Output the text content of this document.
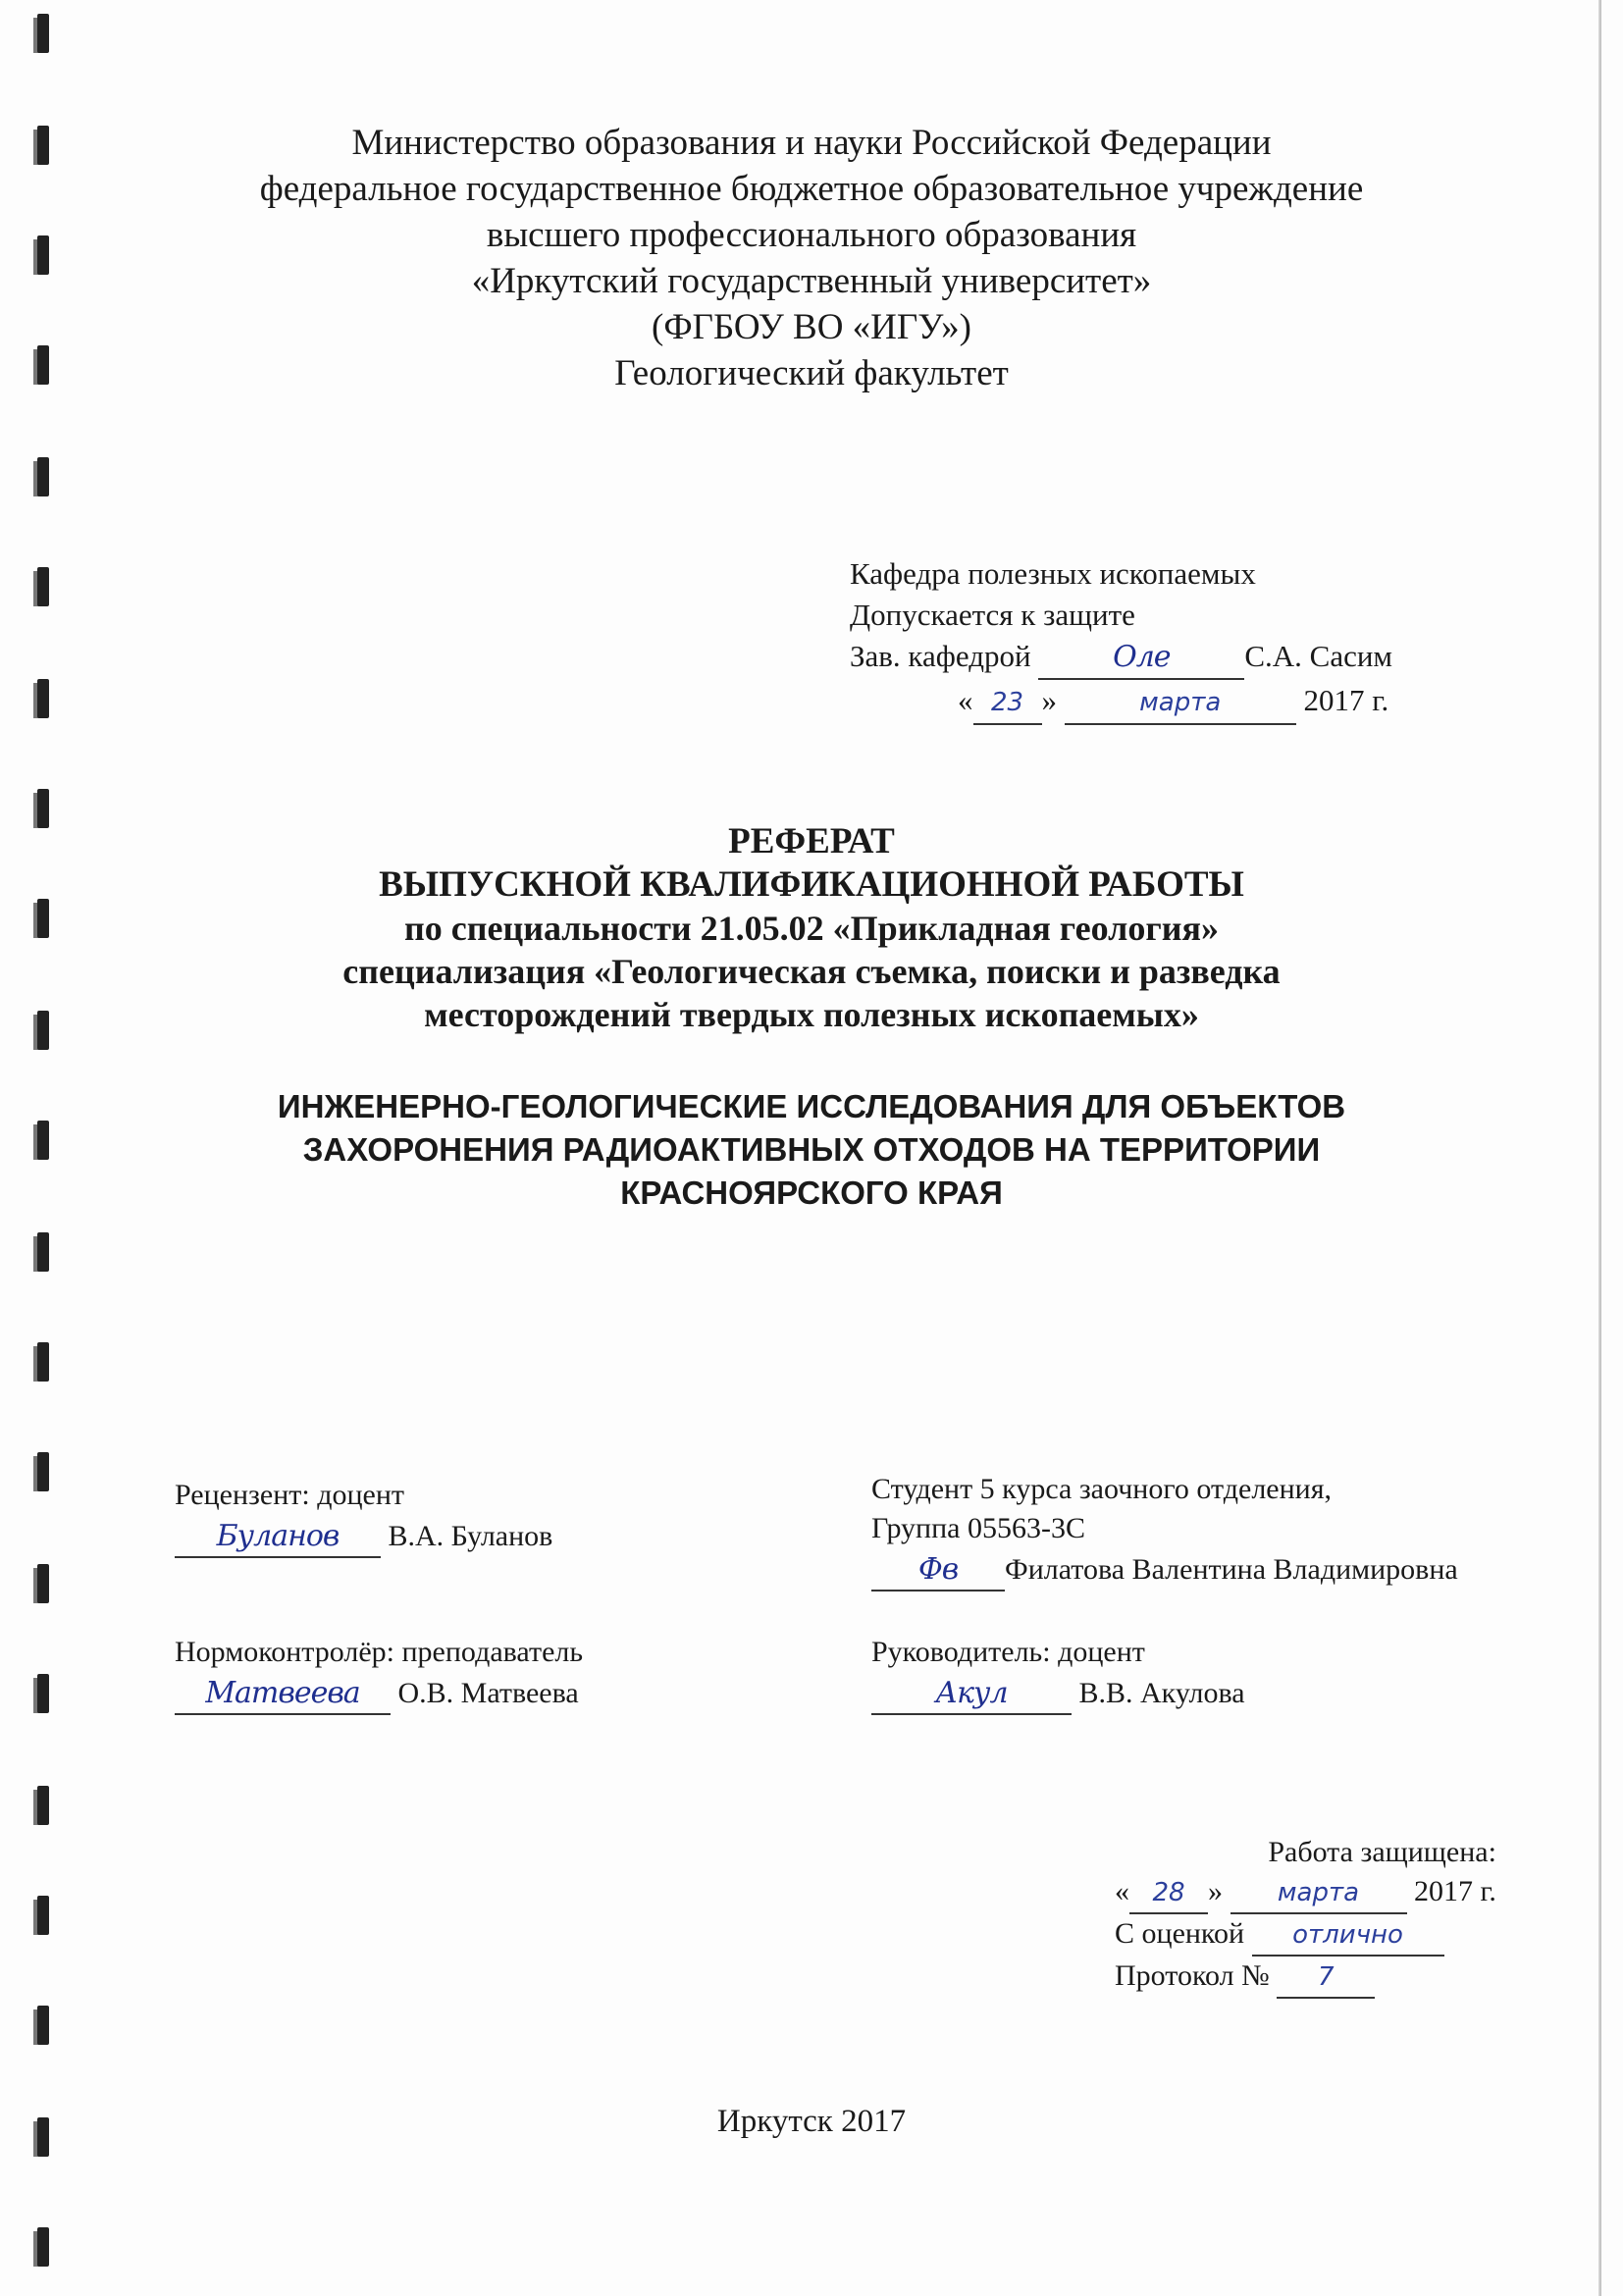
Министерство образования и науки Российской Федерации
федеральное государственное бюджетное образовательное учреждение
высшего профессионального образования
«Иркутский государственный университет»
(ФГБОУ ВО «ИГУ»)
Геологический факультет
Кафедра полезных ископаемых
Допускается к защите
Зав. кафедрой	Оле С.А. Сасим
« 23 »	марта	2017 г.
РЕФЕРАТ
ВЫПУСКНОЙ КВАЛИФИКАЦИОННОЙ РАБОТЫ
по специальности 21.05.02 «Прикладная геология»
специализация «Геологическая съемка, поиски и разведка
месторождений твердых полезных ископаемых»
ИНЖЕНЕРНО-ГЕОЛОГИЧЕСКИЕ ИССЛЕДОВАНИЯ ДЛЯ ОБЪЕКТОВ
ЗАХОРОНЕНИЯ РАДИОАКТИВНЫХ ОТХОДОВ НА ТЕРРИТОРИИ
КРАСНОЯРСКОГО КРАЯ
Рецензент: доцент
Буланов В.А. Буланов
Студент 5 курса заочного отделения,
Группа 05563-3С
Фв Филатова Валентина Владимировна
Нормоконтролёр: преподаватель
Матвеева О.В. Матвеева
Руководитель: доцент
Акул В.В. Акулова
Работа защищена:
« 28 » марта 2017 г.
С оценкой отлично
Протокол № 7
Иркутск 2017
